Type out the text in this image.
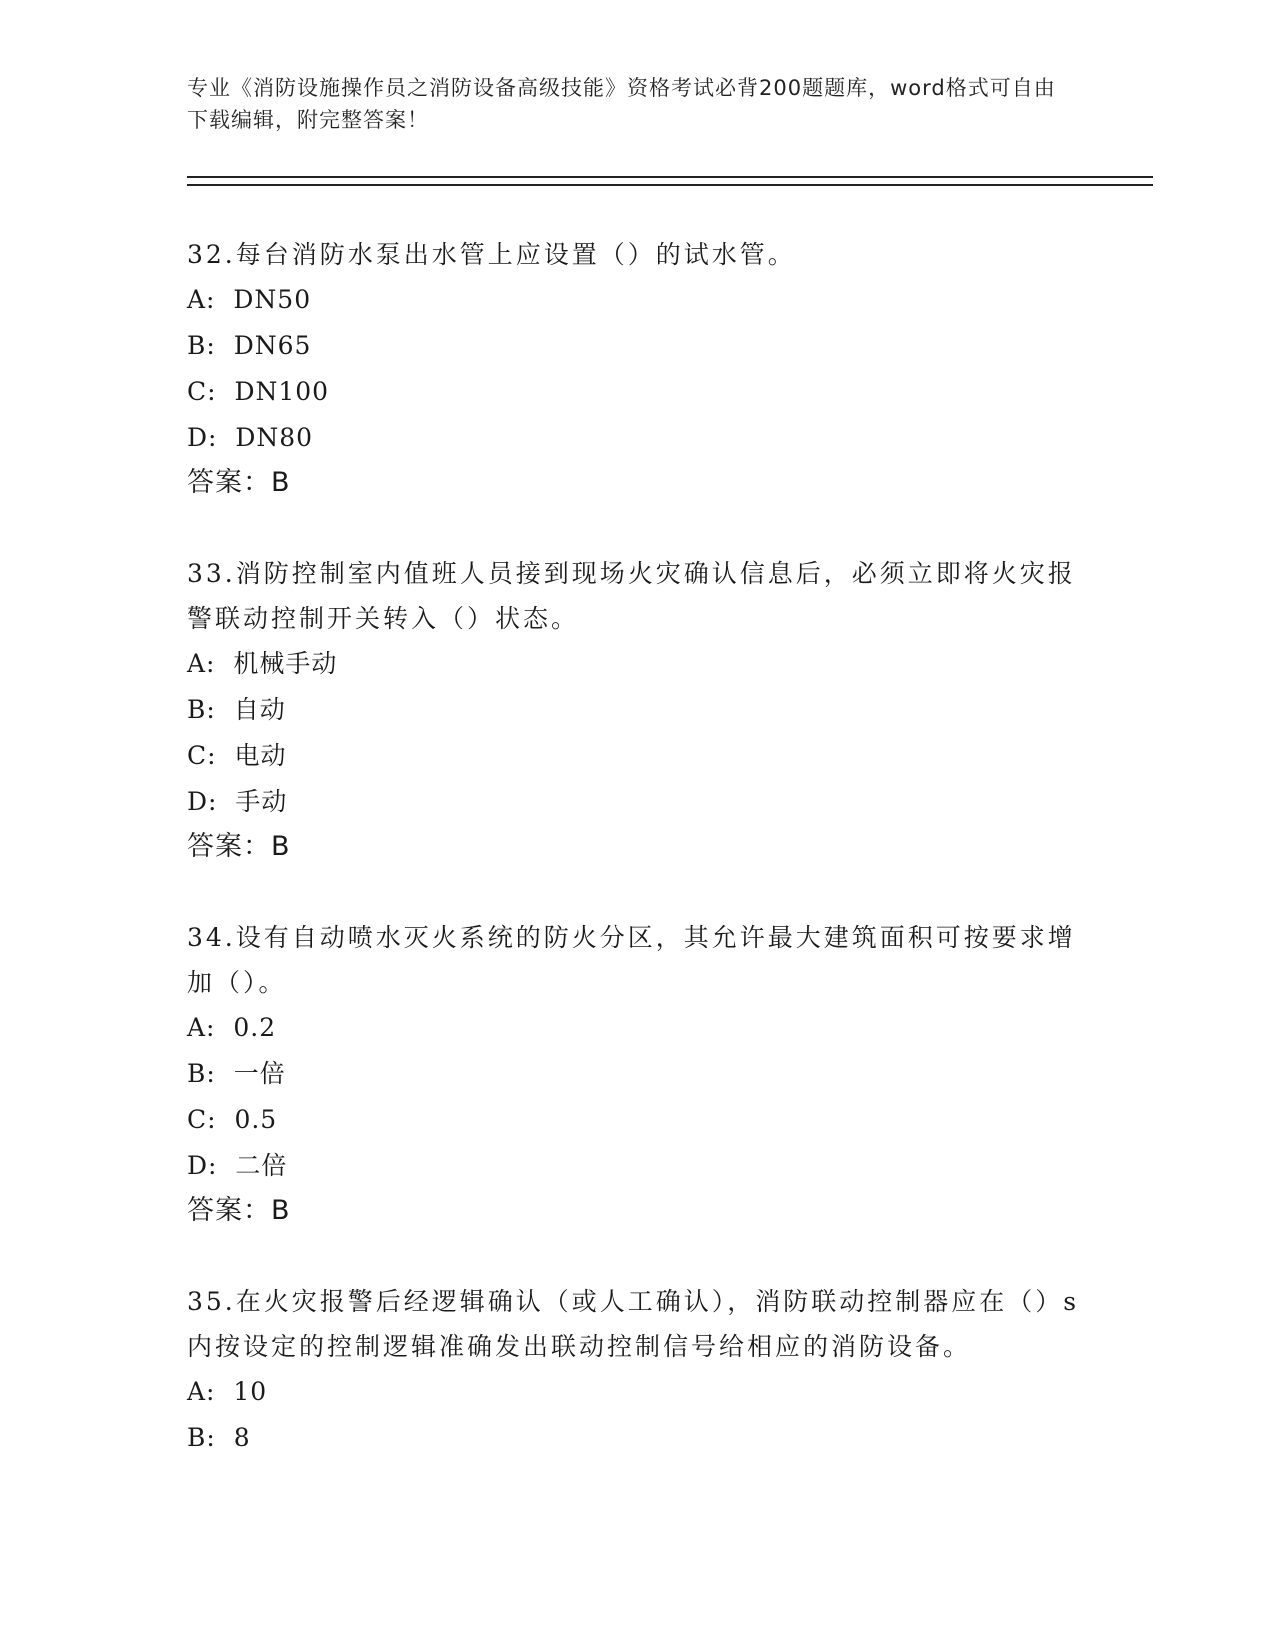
专业《消防设施操作员之消防设备高级技能》资格考试必背200题题库，word格式可自由下载编辑，附完整答案！

32.每台消防水泵出水管上应设置（）的试水管。

A:  DN50

B:  DN65

C:  DN100

D:  DN80

答案：B

33.消防控制室内值班人员接到现场火灾确认信息后，必须立即将火灾报警联动控制开关转入（）状态。

A:  机械手动

B:  自动

C:  电动

D:  手动

答案：B

34.设有自动喷水灭火系统的防火分区，其允许最大建筑面积可按要求增加（）。

A:  0.2

B:  一倍

C:  0.5

D:  二倍

答案：B

35.在火灾报警后经逻辑确认（或人工确认），消防联动控制器应在（）s内按设定的控制逻辑准确发出联动控制信号给相应的消防设备。

A:  10

B:  8
